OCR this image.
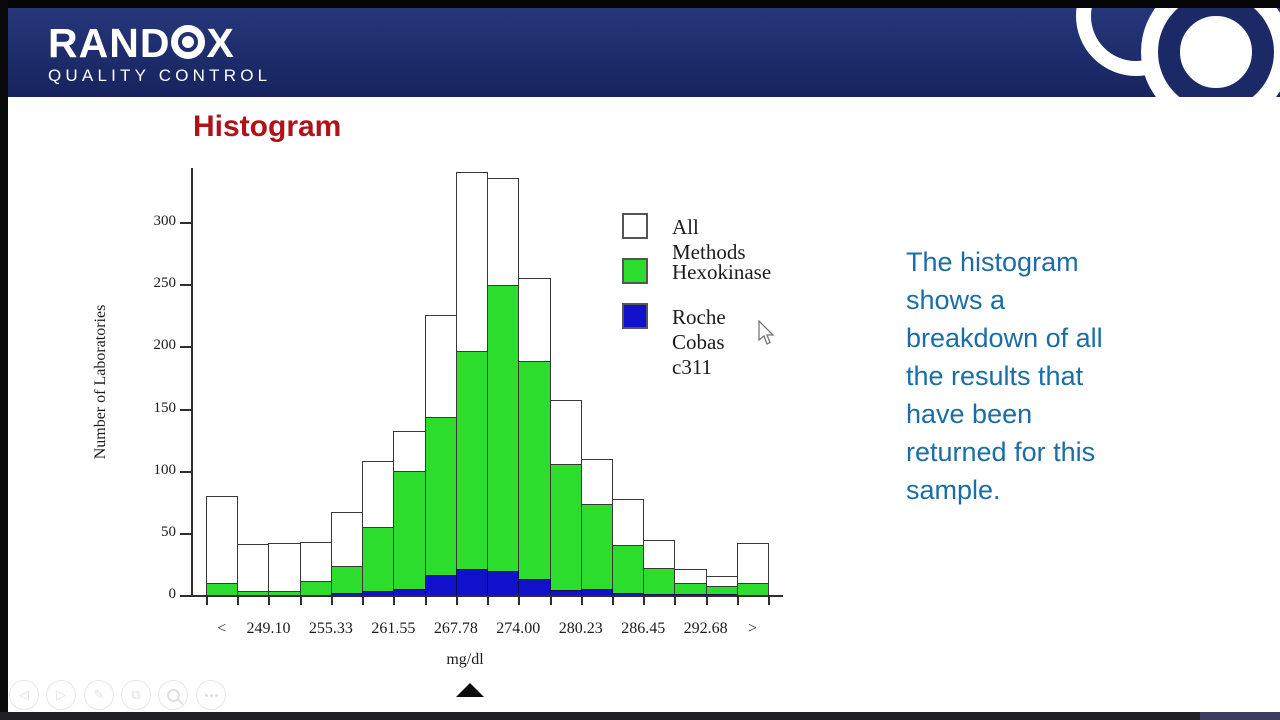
RAND X
QUALITY CONTROL
Histogram
Number of Laboratories
mg/dl
0
50
100
150
200
250
300
<	249.10	255.33	261.55	267.78	274.00	280.23	286.45	292.68	>
All Methods
Hexokinase
Roche Cobas c311
The histogram
shows a
breakdown of all
the results that
have been
returned for this
sample.
◁ ▷ ✎ ⧉
